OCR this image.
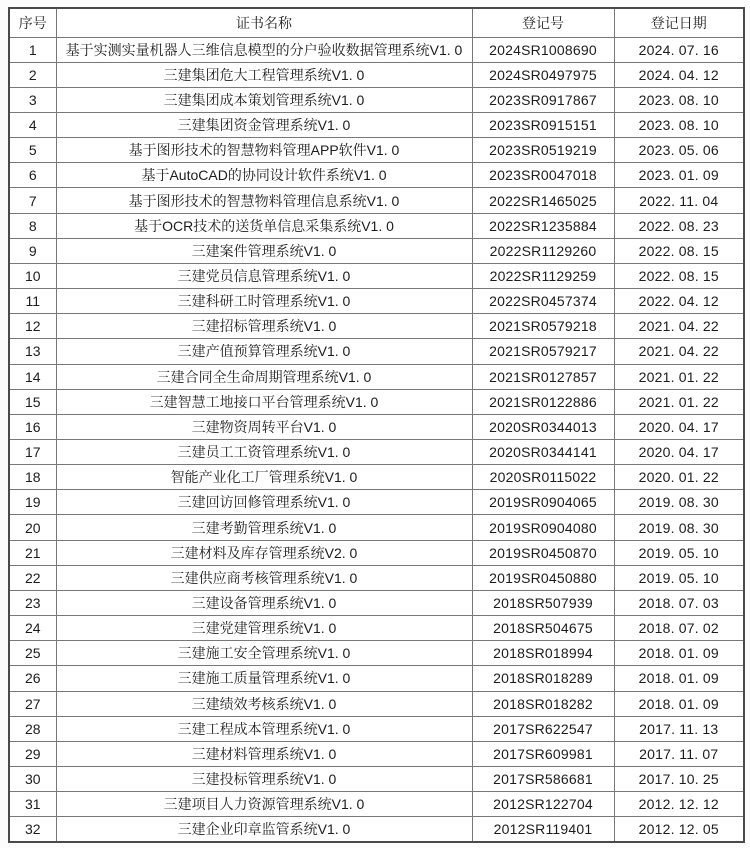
序号	证书名称	登记号	登记日期
1	基于实测实量机器人三维信息模型的分户验收数据管理系统V1. 0	2024SR1008690	2024. 07. 16
2	三建集团危大工程管理系统V1. 0	2024SR0497975	2024. 04. 12
3	三建集团成本策划管理系统V1. 0	2023SR0917867	2023. 08. 10
4	三建集团资金管理系统V1. 0	2023SR0915151	2023. 08. 10
5	基于图形技术的智慧物料管理APP软件V1. 0	2023SR0519219	2023. 05. 06
6	基于AutoCAD的协同设计软件系统V1. 0	2023SR0047018	2023. 01. 09
7	基于图形技术的智慧物料管理信息系统V1. 0	2022SR1465025	2022. 11. 04
8	基于OCR技术的送货单信息采集系统V1. 0	2022SR1235884	2022. 08. 23
9	三建案件管理系统V1. 0	2022SR1129260	2022. 08. 15
10	三建党员信息管理系统V1. 0	2022SR1129259	2022. 08. 15
11	三建科研工时管理系统V1. 0	2022SR0457374	2022. 04. 12
12	三建招标管理系统V1. 0	2021SR0579218	2021. 04. 22
13	三建产值预算管理系统V1. 0	2021SR0579217	2021. 04. 22
14	三建合同全生命周期管理系统V1. 0	2021SR0127857	2021. 01. 22
15	三建智慧工地接口平台管理系统V1. 0	2021SR0122886	2021. 01. 22
16	三建物资周转平台V1. 0	2020SR0344013	2020. 04. 17
17	三建员工工资管理系统V1. 0	2020SR0344141	2020. 04. 17
18	智能产业化工厂管理系统V1. 0	2020SR0115022	2020. 01. 22
19	三建回访回修管理系统V1. 0	2019SR0904065	2019. 08. 30
20	三建考勤管理系统V1. 0	2019SR0904080	2019. 08. 30
21	三建材料及库存管理系统V2. 0	2019SR0450870	2019. 05. 10
22	三建供应商考核管理系统V1. 0	2019SR0450880	2019. 05. 10
23	三建设备管理系统V1. 0	2018SR507939	2018. 07. 03
24	三建党建管理系统V1. 0	2018SR504675	2018. 07. 02
25	三建施工安全管理系统V1. 0	2018SR018994	2018. 01. 09
26	三建施工质量管理系统V1. 0	2018SR018289	2018. 01. 09
27	三建绩效考核系统V1. 0	2018SR018282	2018. 01. 09
28	三建工程成本管理系统V1. 0	2017SR622547	2017. 11. 13
29	三建材料管理系统V1. 0	2017SR609981	2017. 11. 07
30	三建投标管理系统V1. 0	2017SR586681	2017. 10. 25
31	三建项目人力资源管理系统V1. 0	2012SR122704	2012. 12. 12
32	三建企业印章监管系统V1. 0	2012SR119401	2012. 12. 05
